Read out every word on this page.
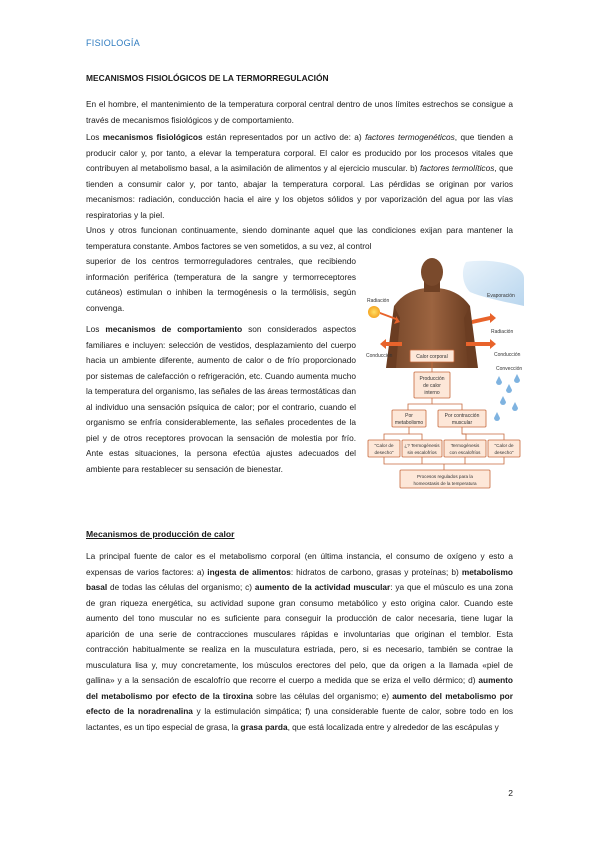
FISIOLOGÍA
MECANISMOS FISIOLÓGICOS DE LA TERMORREGULACIÓN
En el hombre, el mantenimiento de la temperatura corporal central dentro de unos límites estrechos se consigue a través de mecanismos fisiológicos y de comportamiento.
Los mecanismos fisiológicos están representados por un activo de: a) factores termogenéticos, que tienden a producir calor y, por tanto, a elevar la temperatura corporal. El calor es producido por los procesos vitales que contribuyen al metabolismo basal, a la asimilación de alimentos y al ejercicio muscular. b) factores termolíticos, que tienden a consumir calor y, por tanto, abajar la temperatura corporal. Las pérdidas se originan por varios mecanismos: radiación, conducción hacia el aire y los objetos sólidos y por vaporización del agua por las vías respiratorias y la piel.
Unos y otros funcionan continuamente, siendo dominante aquel que las condiciones exijan para mantener la temperatura constante. Ambos factores se ven sometidos, a su vez, al control
superior de los centros termorreguladores centrales, que recibiendo información periférica (temperatura de la sangre y termorreceptores cutáneos) estimulan o inhiben la termogénesis o la termólisis, según convenga.
Los mecanismos de comportamiento son considerados aspectos familiares e incluyen: selección de vestidos, desplazamiento del cuerpo hacia un ambiente diferente, aumento de calor o de frío proporcionado por sistemas de calefacción o refrigeración, etc. Cuando aumenta mucho la temperatura del organismo, las señales de las áreas termostáticas dan al individuo una sensación psíquica de calor; por el contrario, cuando el organismo se enfría considerablemente, las señales procedentes de la piel y de otros receptores provocan la sensación de molestia por frío. Ante estas situaciones, la persona efectúa ajustes adecuados del ambiente para restablecer su sensación de bienestar.
Evaporación
Radiación
Radiación
Conducción	Conducción
Convección
Calor corporal
Producción
de calor
interno
Por
metabolismo
Por contracción
muscular
"Calor de
desecho"
¿? Termogénesis
sin escalofríos
Termogénesis
con escalofríos
"Calor de
desecho"
Procesos regulados para la
homeostasis de la temperatura
Mecanismos de producción de calor
La principal fuente de calor es el metabolismo corporal (en última instancia, el consumo de oxígeno y esto a expensas de varios factores: a) ingesta de alimentos: hidratos de carbono, grasas y proteínas; b) metabolismo basal de todas las células del organismo; c) aumento de la actividad muscular: ya que el músculo es una zona de gran riqueza energética, su actividad supone gran consumo metabólico y esto origina calor. Cuando este aumento del tono muscular no es suficiente para conseguir la producción de calor necesaria, tiene lugar la aparición de una serie de contracciones musculares rápidas e involuntarias que originan el temblor. Esta contracción habitualmente se realiza en la musculatura estriada, pero, si es necesario, también se contrae la musculatura lisa y, muy concretamente, los músculos erectores del pelo, que da origen a la llamada «piel de gallina» y a la sensación de escalofrío que recorre el cuerpo a medida que se eriza el vello dérmico; d) aumento del metabolismo por efecto de la tiroxina sobre las células del organismo; e) aumento del metabolismo por efecto de la noradrenalina y la estimulación simpática; f) una considerable fuente de calor, sobre todo en los lactantes, es un tipo especial de grasa, la grasa parda, que está localizada entre y alrededor de las escápulas y
2
